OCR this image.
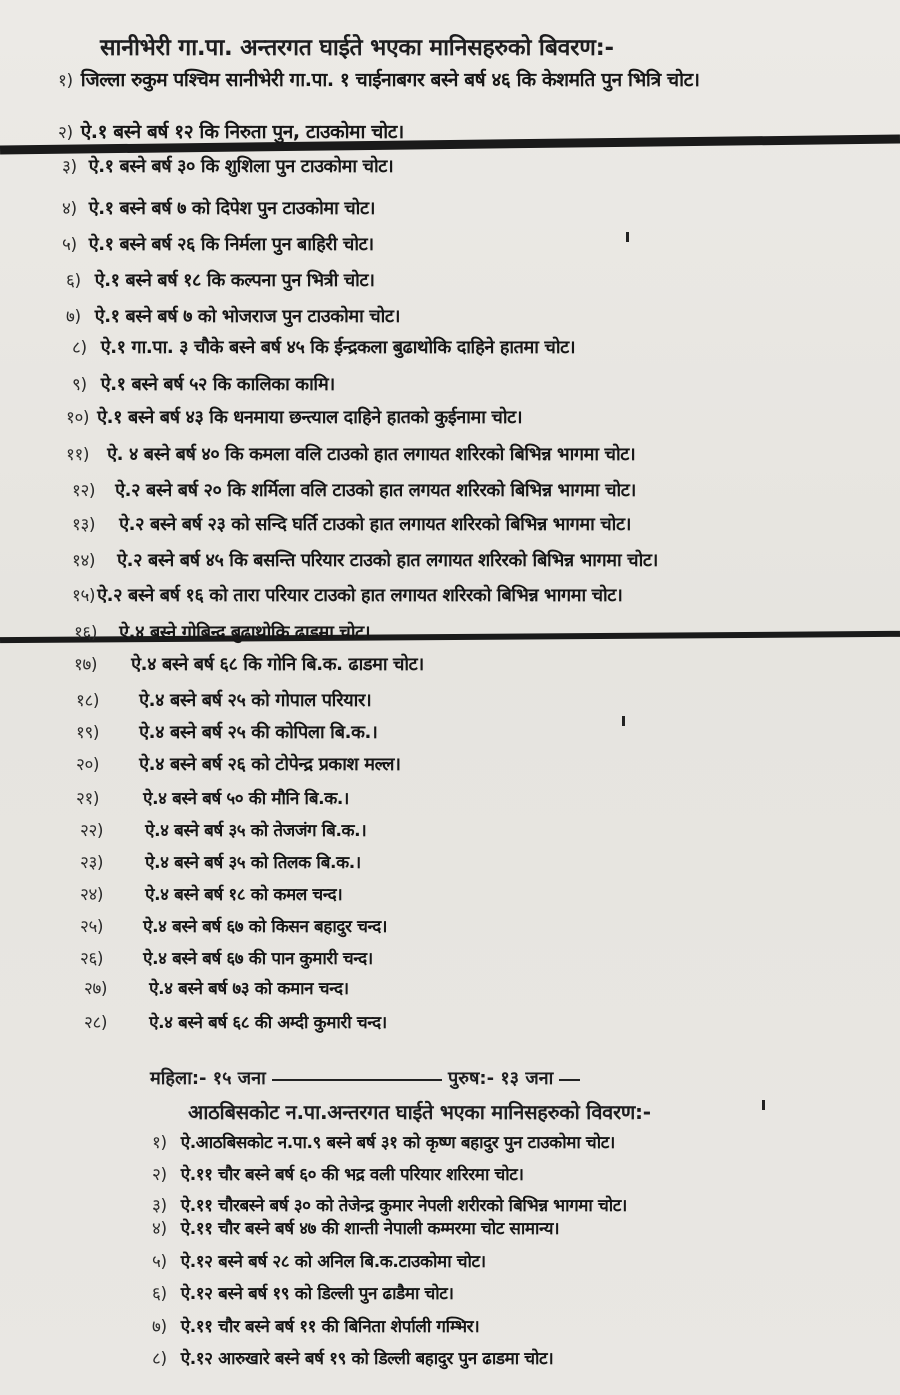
सानीभेरी गा.पा. अन्तरगत घाईते भएका मानिसहरुको बिवरण:-
१) जिल्ला रुकुम पश्चिम सानीभेरी गा.पा. १ चाईनाबगर बस्ने बर्ष ४६ कि केशमति पुन भित्रि चोट।
२) ऐ.१ बस्ने बर्ष १२ कि निरुता पुन, टाउकोमा चोट।
३) ऐ.१ बस्ने बर्ष ३० कि शुशिला पुन टाउकोमा चोट।
४) ऐ.१ बस्ने बर्ष ७ को दिपेश पुन टाउकोमा चोट।
५) ऐ.१ बस्ने बर्ष २६ कि निर्मला पुन बाहिरी चोट।
६) ऐ.१ बस्ने बर्ष १८ कि कल्पना पुन भित्री चोट।
७) ऐ.१ बस्ने बर्ष ७ को भोजराज पुन टाउकोमा चोट।
८) ऐ.१ गा.पा. ३ चौके बस्ने बर्ष ४५ कि ईन्द्रकला बुढाथोकि दाहिने हातमा चोट।
९) ऐ.१ बस्ने बर्ष ५२ कि कालिका कामि।
१०) ऐ.१ बस्ने बर्ष ४३ कि धनमाया छन्त्याल दाहिने हातको कुईनामा चोट।
११) ऐ. ४ बस्ने बर्ष ४० कि कमला वलि टाउको हात लगायत शरिरको बिभिन्न भागमा चोट।
१२) ऐ.२ बस्ने बर्ष २० कि शर्मिला वलि टाउको हात लगयत शरिरको बिभिन्न भागमा चोट।
१३) ऐ.२ बस्ने बर्ष २३ को सन्दि घर्ति टाउको हात लगायत शरिरको बिभिन्न भागमा चोट।
१४) ऐ.२ बस्ने बर्ष ४५ कि बसन्ति परियार टाउको हात लगायत शरिरको बिभिन्न भागमा चोट।
१५) ऐ.२ बस्ने बर्ष १६ को तारा परियार टाउको हात लगायत शरिरको बिभिन्न भागमा चोट।
१६) ऐ.४ बस्ने गोबिन्द बुढाथोकि ढाडमा चोट।
१७) ऐ.४ बस्ने बर्ष ६८ कि गोनि बि.क. ढाडमा चोट।
१८) ऐ.४ बस्ने बर्ष २५ को गोपाल परियार।
१९) ऐ.४ बस्ने बर्ष २५ की कोपिला बि.क.।
२०) ऐ.४ बस्ने बर्ष २६ को टोपेन्द्र प्रकाश मल्ल।
२१)	ऐ.४ बस्ने बर्ष ५० की मौनि बि.क.।
२२) ऐ.४ बस्ने बर्ष ३५ को तेजजंग बि.क.।
२३) ऐ.४ बस्ने बर्ष ३५ को तिलक बि.क.।
२४) ऐ.४ बस्ने बर्ष १८ को कमल चन्द।
२५) ऐ.४ बस्ने बर्ष ६७ को किसन बहादुर चन्द।
२६) ऐ.४ बस्ने बर्ष ६७ की पान कुमारी चन्द।
२७) ऐ.४ बस्ने बर्ष ७३ को कमान चन्द।
२८) ऐ.४ बस्ने बर्ष ६८ की अम्दी कुमारी चन्द।
महिला:- १५ जना	पुरुष:- १३ जना
आठबिसकोट न.पा.अन्तरगत घाईते भएका मानिसहरुको विवरण:-
१) ऐ.आठबिसकोट न.पा.९ बस्ने बर्ष ३१ को कृष्ण बहादुर पुन टाउकोमा चोट।
२) ऐ.११ चौर बस्ने बर्ष ६० की भद्र वली परियार शरिरमा चोट।
३) ऐ.११ चौरबस्ने बर्ष ३० को तेजेन्द्र कुमार नेपली शरीरको बिभिन्न भागमा चोट।
४) ऐ.११ चौर बस्ने बर्ष ४७ की शान्ती नेपाली कम्मरमा चोट सामान्य।
५) ऐ.१२ बस्ने बर्ष २८ को अनिल बि.क.टाउकोमा चोट।
६) ऐ.१२ बस्ने बर्ष १९ को डिल्ली पुन ढाडैमा चोट।
७) ऐ.११ चौर बस्ने बर्ष ११ की बिनिता शेर्पाली गम्भिर।
८) ऐ.१२ आरुखारे बस्ने बर्ष १९ को डिल्ली बहादुर पुन ढाडमा चोट।
